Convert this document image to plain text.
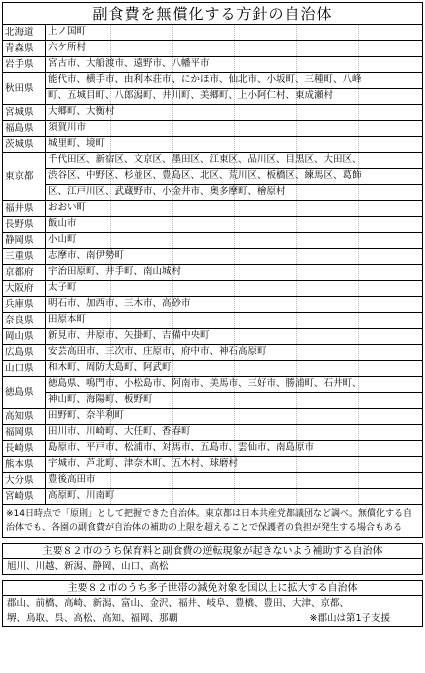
副食費を無償化する方針の自治体
北海道	上ノ国町

青森県	六ケ所村

岩手県	宮古市、大船渡市、遠野市、八幡平市

秋田県	能代市、横手市、由利本荘市、にかほ市、仙北市、小坂町、三種町、八峰

町、五城目町、八郎潟町、井川町、美郷町、上小阿仁村、東成瀬村

宮城県	大郷町、大衡村

福島県	須賀川市

茨城県	城里町、境町

東京都	千代田区、新宿区、文京区、墨田区、江東区、品川区、目黒区、大田区、

渋谷区、中野区、杉並区、豊島区、北区、荒川区、板橋区、練馬区、葛飾

区、江戸川区、武蔵野市、小金井市、奥多摩町、檜原村

福井県	おおい町

長野県	飯山市

静岡県	小山町

三重県	志摩市、南伊勢町

京都府	宇治田原町、井手町、南山城村

大阪府	太子町

兵庫県	明石市、加西市、三木市、高砂市

奈良県	田原本町

岡山県	新見市、井原市、矢掛町、吉備中央町

広島県	安芸高田市、三次市、庄原市、府中市、神石高原町

山口県	和木町、周防大島町、阿武町

徳島県	徳島県、鳴門市、小松島市、阿南市、美馬市、三好市、勝浦町、石井町、

神山町、海陽町、板野町

高知県	田野町、奈半利町

福岡県	田川市、川崎町、大任町、香春町

長崎県	島原市、平戸市、松浦市、対馬市、五島市、雲仙市、南島原市

熊本県	宇城市、芦北町、津奈木町、五木村、球磨村

大分県	豊後高田市

宮崎県	高原町、川南町
※14日時点で「原則」として把握できた自治体。東京都は日本共産党都議団など調べ。無償化する自治体でも、各園の副食費が自治体の補助の上限を超えることで保護者の負担が発生する場合もある
主要８２市のうち保育料と副食費の逆転現象が起きないよう補助する自治体
旭川、川越、新潟、静岡、山口、高松
主要８２市のうち多子世帯の減免対象を国以上に拡大する自治体
郡山、前橋、高崎、新潟、富山、金沢、福井、岐阜、豊橋、豊田、大津、京都、
堺、鳥取、呉、高松、高知、福岡、那覇	※郡山は第1子支援
